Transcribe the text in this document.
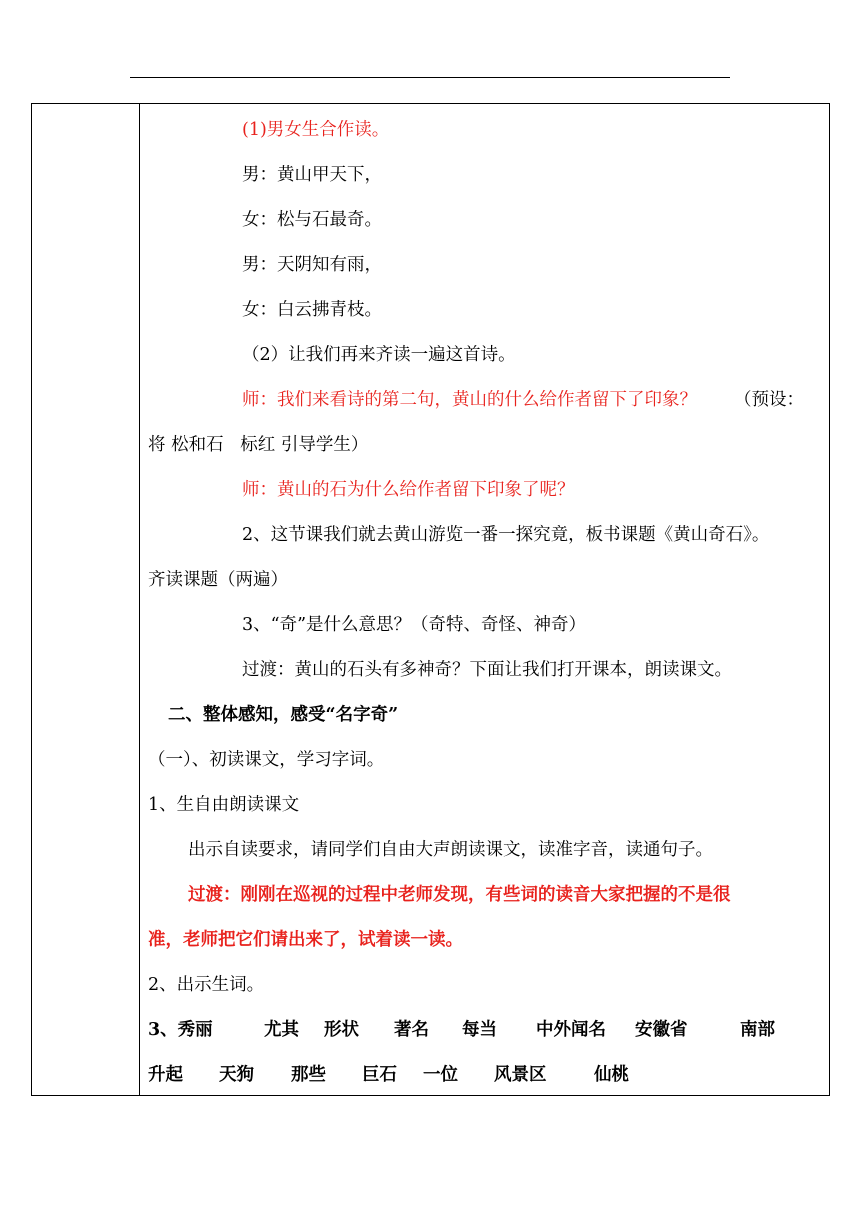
(1)男女生合作读。
男：黄山甲天下，
女：松与石最奇。
男：天阴知有雨，
女：白云拂青枝。
（2）让我们再来齐读一遍这首诗。
师：我们来看诗的第二句，黄山的什么给作者留下了印象？ （预设：
将 松和石   标红 引导学生）
师：黄山的石为什么给作者留下印象了呢？
2、这节课我们就去黄山游览一番一探究竟，板书课题《黄山奇石》。
齐读课题（两遍）
3、“奇”是什么意思？（奇特、奇怪、神奇）
过渡：黄山的石头有多神奇？下面让我们打开课本，朗读课文。
二、整体感知，感受“名字奇”
（一）、初读课文，学习字词。
1、生自由朗读课文
出示自读要求，请同学们自由大声朗读课文，读准字音，读通句子。
过渡：刚刚在巡视的过程中老师发现，有些词的读音大家把握的不是很
准，老师把它们请出来了，试着读一读。
2、出示生词。
3、秀丽	尤其 形状 著名 每当 中外闻名 安徽省	南部
升起 天狗 那些 巨石 一位 风景区	仙桃
